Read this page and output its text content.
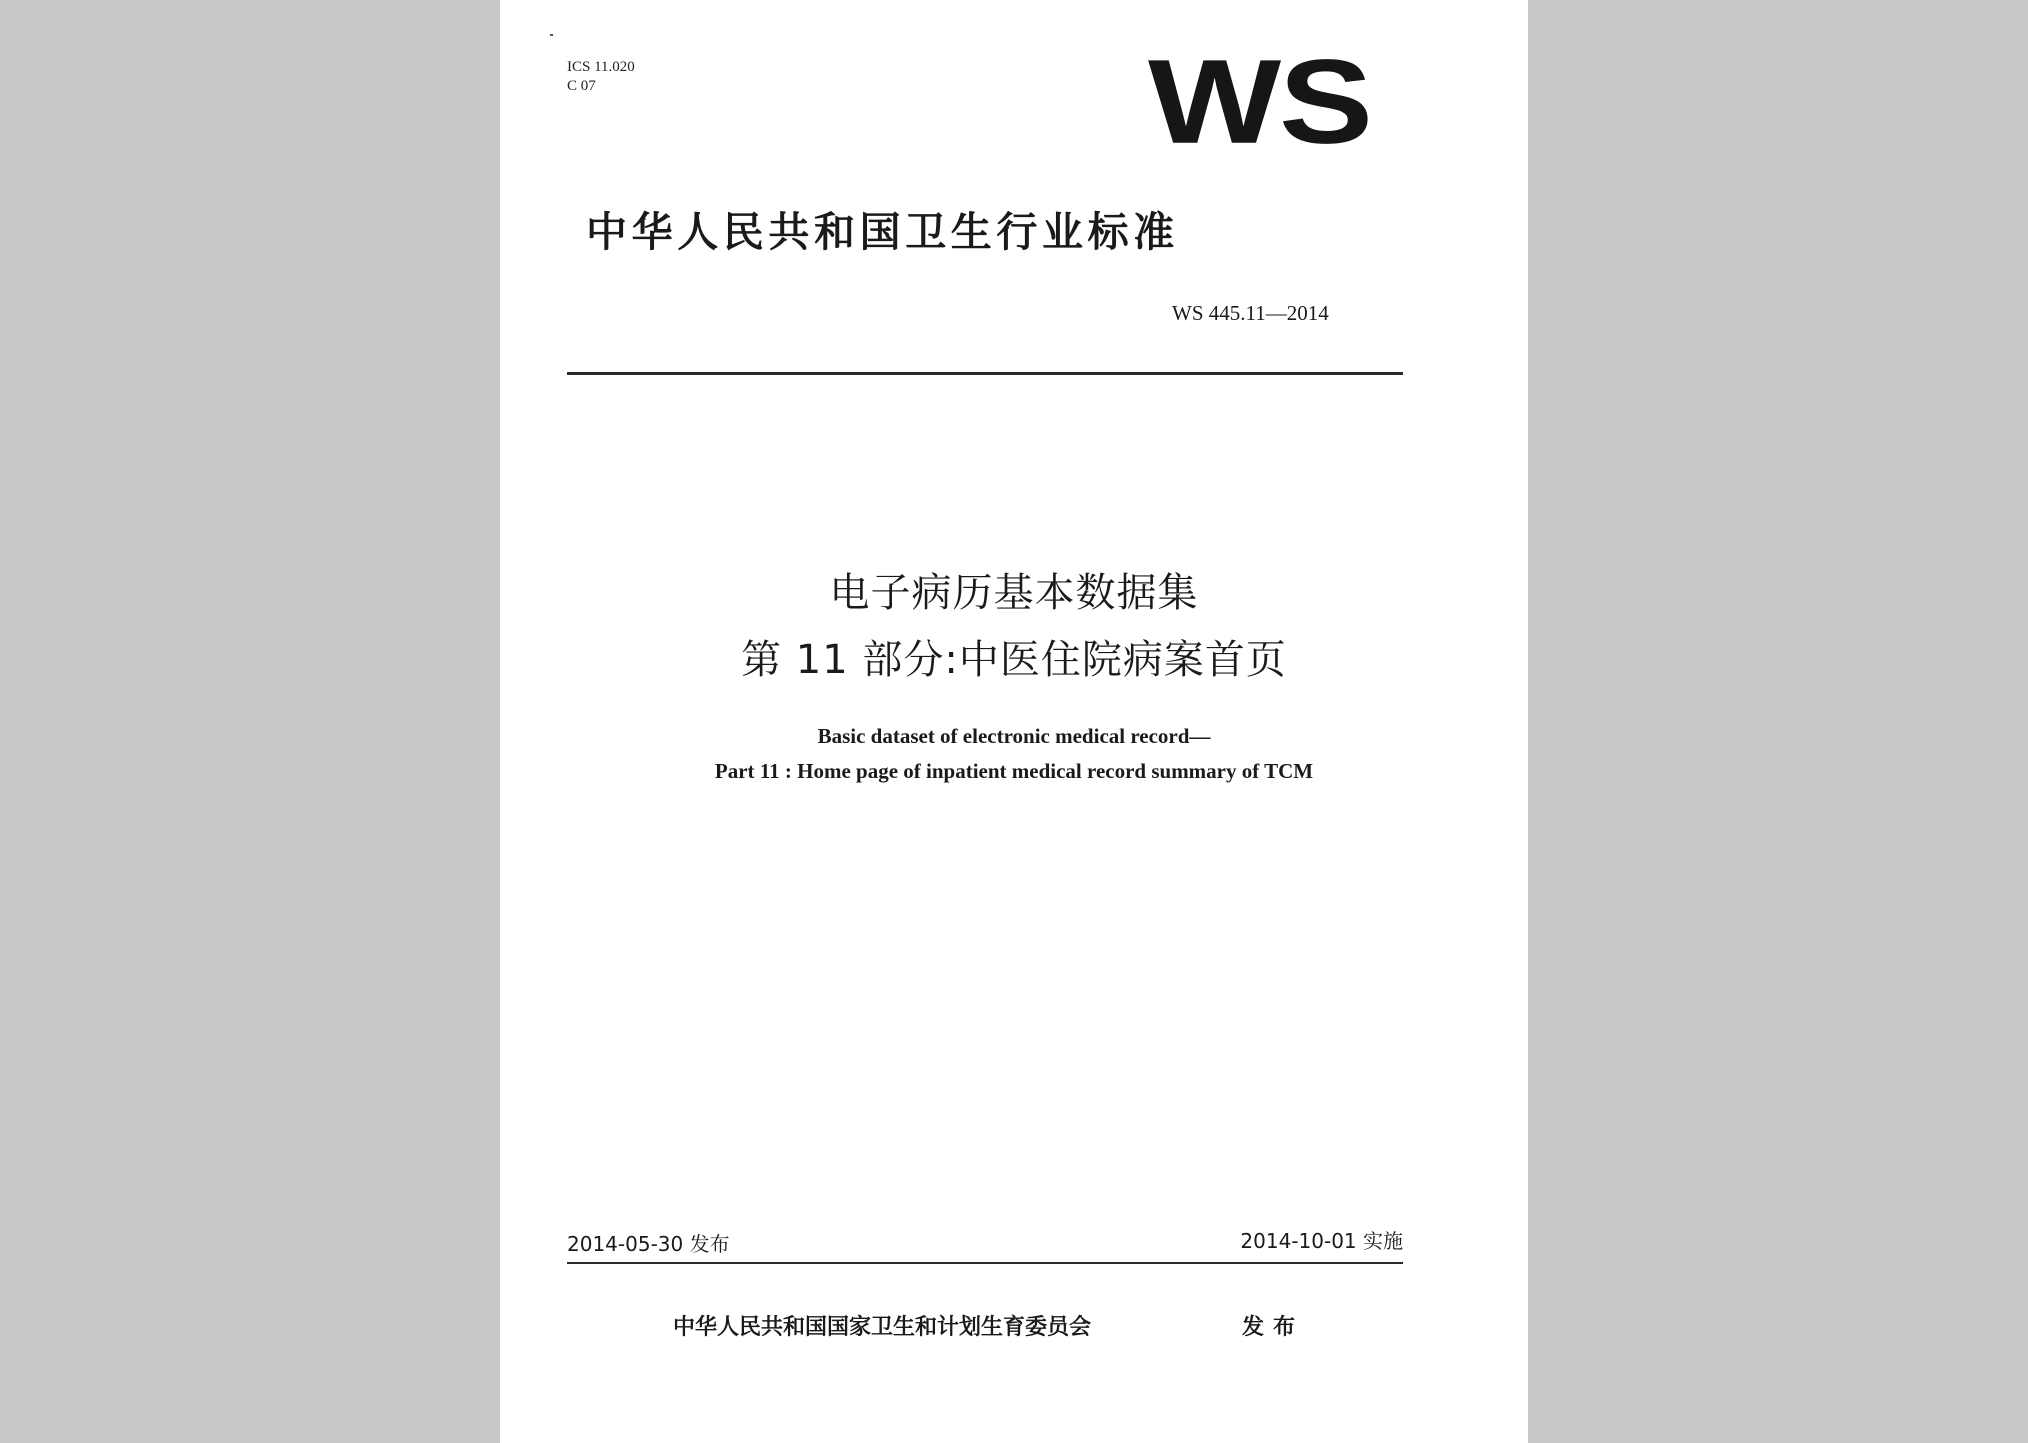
ICS 11.020
C 07	WS
中华人民共和国卫生行业标准
WS 445.11—2014
电子病历基本数据集
第 11 部分:中医住院病案首页
Basic dataset of electronic medical record—
Part 11 : Home page of inpatient medical record summary of TCM
2014-05-30 发布	2014-10-01 实施
中华人民共和国国家卫生和计划生育委员会	发布
